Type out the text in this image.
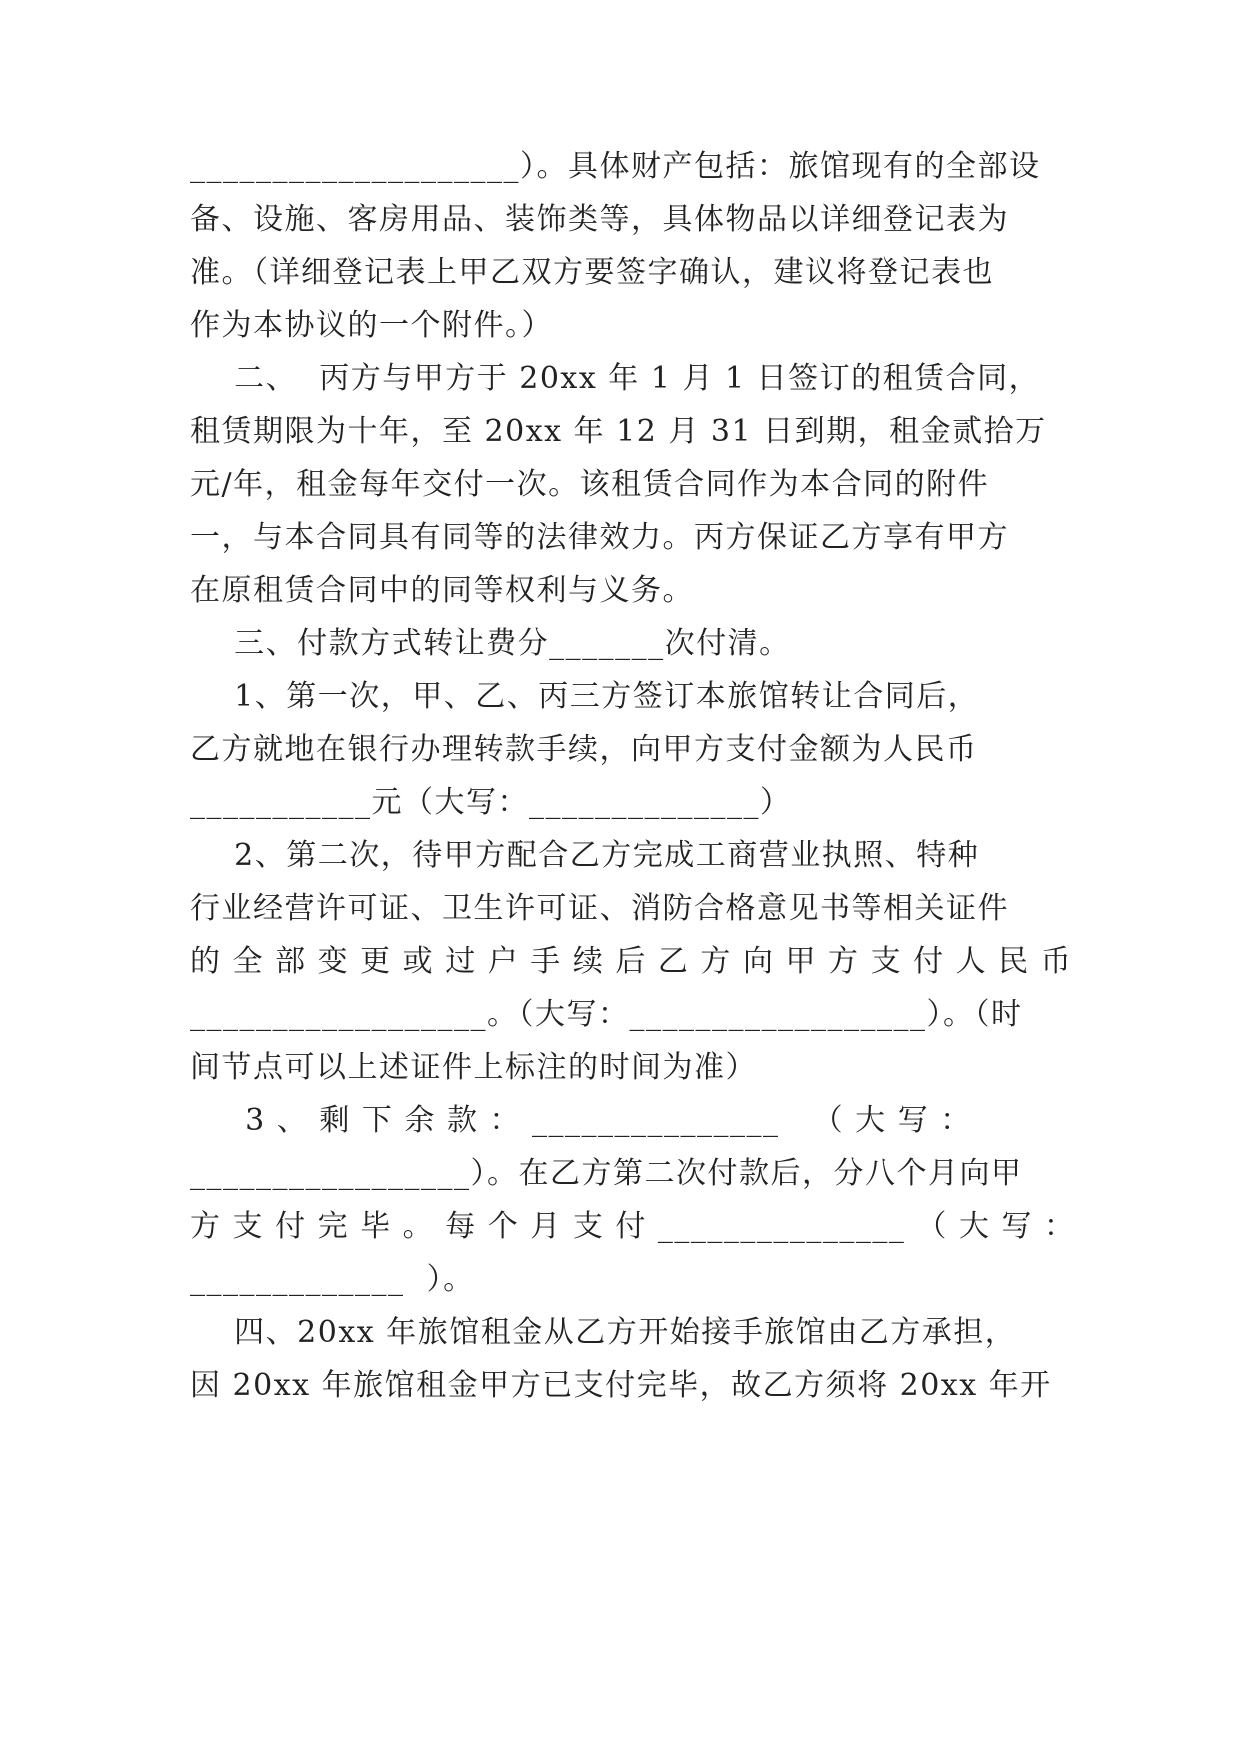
____________________）。具体财产包括：旅馆现有的全部设
备、设施、客房用品、装饰类等，具体物品以详细登记表为
准。（详细登记表上甲乙双方要签字确认，建议将登记表也
作为本协议的一个附件。）
二、  丙方与甲方于 20xx 年 1 月 1 日签订的租赁合同，
租赁期限为十年，至 20xx 年 12 月 31 日到期，租金贰拾万
元/年，租金每年交付一次。该租赁合同作为本合同的附件
一，与本合同具有同等的法律效力。丙方保证乙方享有甲方
在原租赁合同中的同等权利与义务。
三、付款方式转让费分_______次付清。
1、第一次，甲、乙、丙三方签订本旅馆转让合同后，
乙方就地在银行办理转款手续，向甲方支付金额为人民币
___________元（大写：______________）
2、第二次，待甲方配合乙方完成工商营业执照、特种
行业经营许可证、卫生许可证、消防合格意见书等相关证件
的 全 部 变 更 或 过 户 手 续 后 乙 方 向 甲 方 支 付 人 民 币
__________________。（大写：__________________）。（时
间节点可以上述证件上标注的时间为准）
3 、 剩 下 余 款 ： _______________   （ 大 写 ：
_________________）。在乙方第二次付款后，分八个月向甲
方 支 付 完 毕 。 每 个 月 支 付 _______________ （ 大 写 ：
_____________  ）。
四、20xx 年旅馆租金从乙方开始接手旅馆由乙方承担，
因 20xx 年旅馆租金甲方已支付完毕，故乙方须将 20xx 年开
